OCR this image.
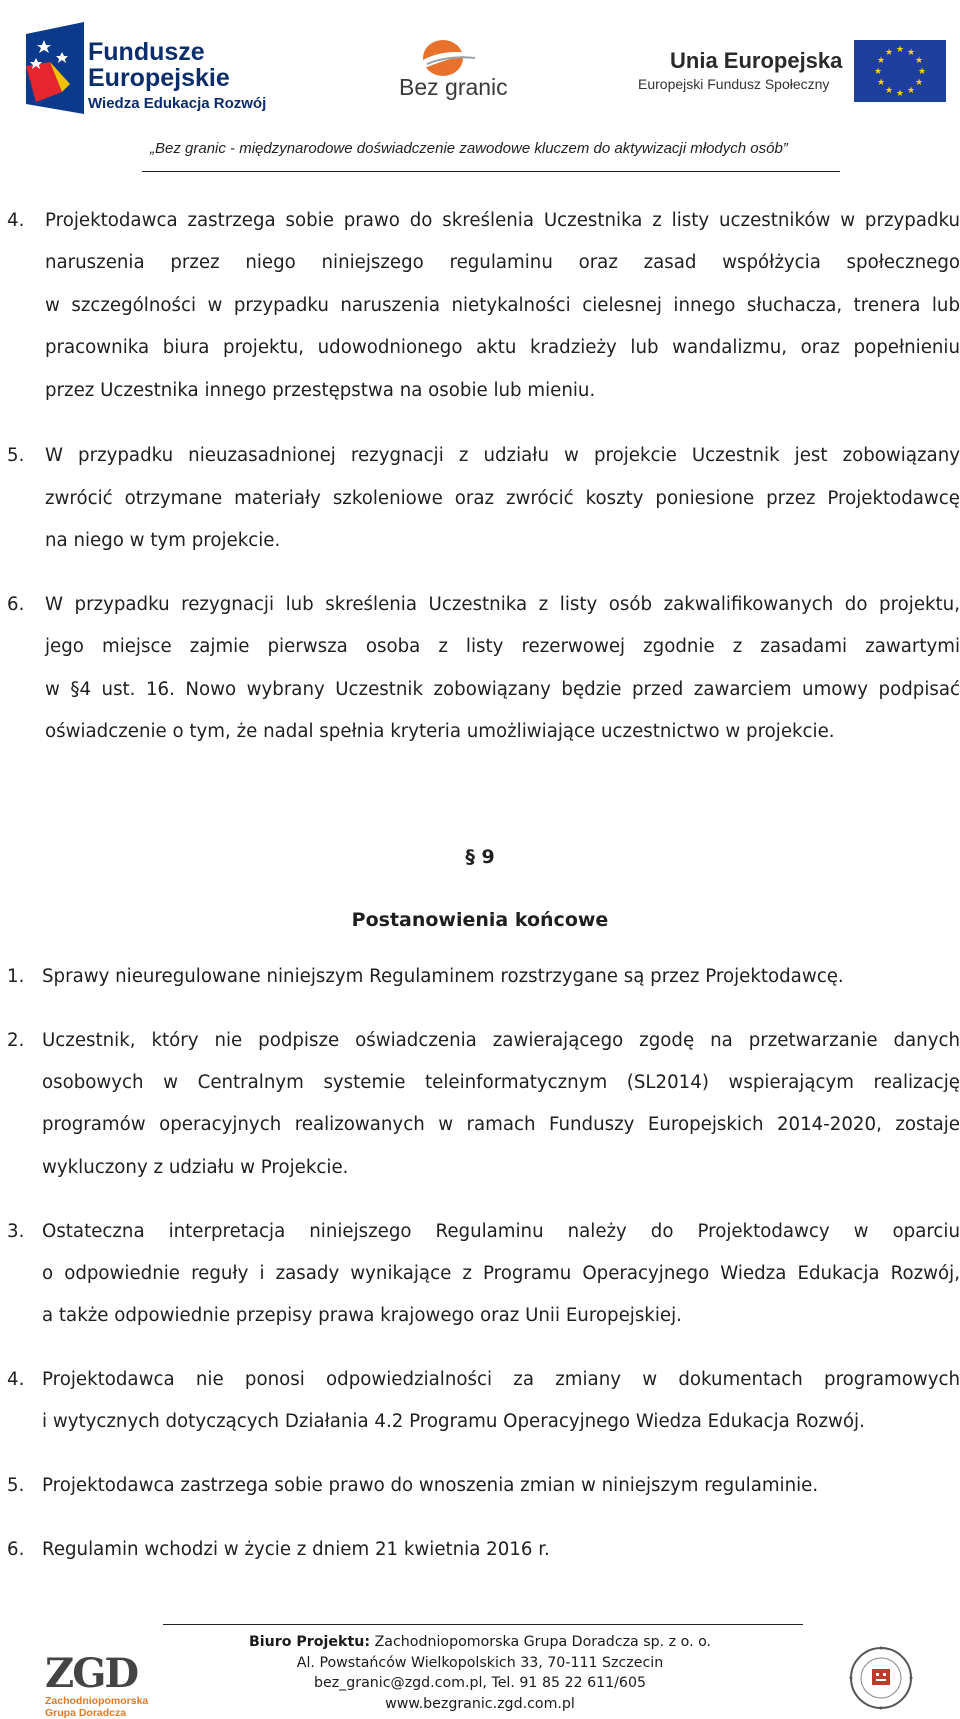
Fundusze
Europejskie
Wiedza Edukacja Rozwój
Bez granic
Unia Europejska
Europejski Fundusz Społeczny
★ ★
★
★
★
★
★
★
★
★
★
★
„Bez granic - międzynarodowe doświadczenie zawodowe kluczem do aktywizacji młodych osób”
4. Projektodawca zastrzega sobie prawo do skreślenia Uczestnika z listy uczestników w przypadku
naruszenia przez niego niniejszego regulaminu oraz zasad współżycia społecznego
w szczególności w przypadku naruszenia nietykalności cielesnej innego słuchacza, trenera lub
pracownika biura projektu, udowodnionego aktu kradzieży lub wandalizmu, oraz popełnieniu
przez Uczestnika innego przestępstwa na osobie lub mieniu.
5. W przypadku nieuzasadnionej rezygnacji z udziału w projekcie Uczestnik jest zobowiązany
zwrócić otrzymane materiały szkoleniowe oraz zwrócić koszty poniesione przez Projektodawcę
na niego w tym projekcie.
6. W przypadku rezygnacji lub skreślenia Uczestnika z listy osób zakwalifikowanych do projektu,
jego miejsce zajmie pierwsza osoba z listy rezerwowej zgodnie z zasadami zawartymi
w §4 ust. 16. Nowo wybrany Uczestnik zobowiązany będzie przed zawarciem umowy podpisać
oświadczenie o tym, że nadal spełnia kryteria umożliwiające uczestnictwo w projekcie.
§ 9
Postanowienia końcowe
1. Sprawy nieuregulowane niniejszym Regulaminem rozstrzygane są przez Projektodawcę.
2. Uczestnik, który nie podpisze oświadczenia zawierającego zgodę na przetwarzanie danych
osobowych w Centralnym systemie teleinformatycznym (SL2014) wspierającym realizację
programów operacyjnych realizowanych w ramach Funduszy Europejskich 2014-2020, zostaje
wykluczony z udziału w Projekcie.
3. Ostateczna interpretacja niniejszego Regulaminu należy do Projektodawcy w oparciu
o odpowiednie reguły i zasady wynikające z Programu Operacyjnego Wiedza Edukacja Rozwój,
a także odpowiednie przepisy prawa krajowego oraz Unii Europejskiej.
4. Projektodawca nie ponosi odpowiedzialności za zmiany w dokumentach programowych
i wytycznych dotyczących Działania 4.2 Programu Operacyjnego Wiedza Edukacja Rozwój.
5. Projektodawca zastrzega sobie prawo do wnoszenia zmian w niniejszym regulaminie.
6. Regulamin wchodzi w życie z dniem 21 kwietnia 2016 r.
ZGD
Zachodniopomorska
Grupa Doradcza
Biuro Projektu: Zachodniopomorska Grupa Doradcza sp. z o. o.
Al. Powstańców Wielkopolskich 33, 70-111 Szczecin
bez_granic@zgd.com.pl, Tel. 91 85 22 611/605
www.bezgranic.zgd.com.pl
